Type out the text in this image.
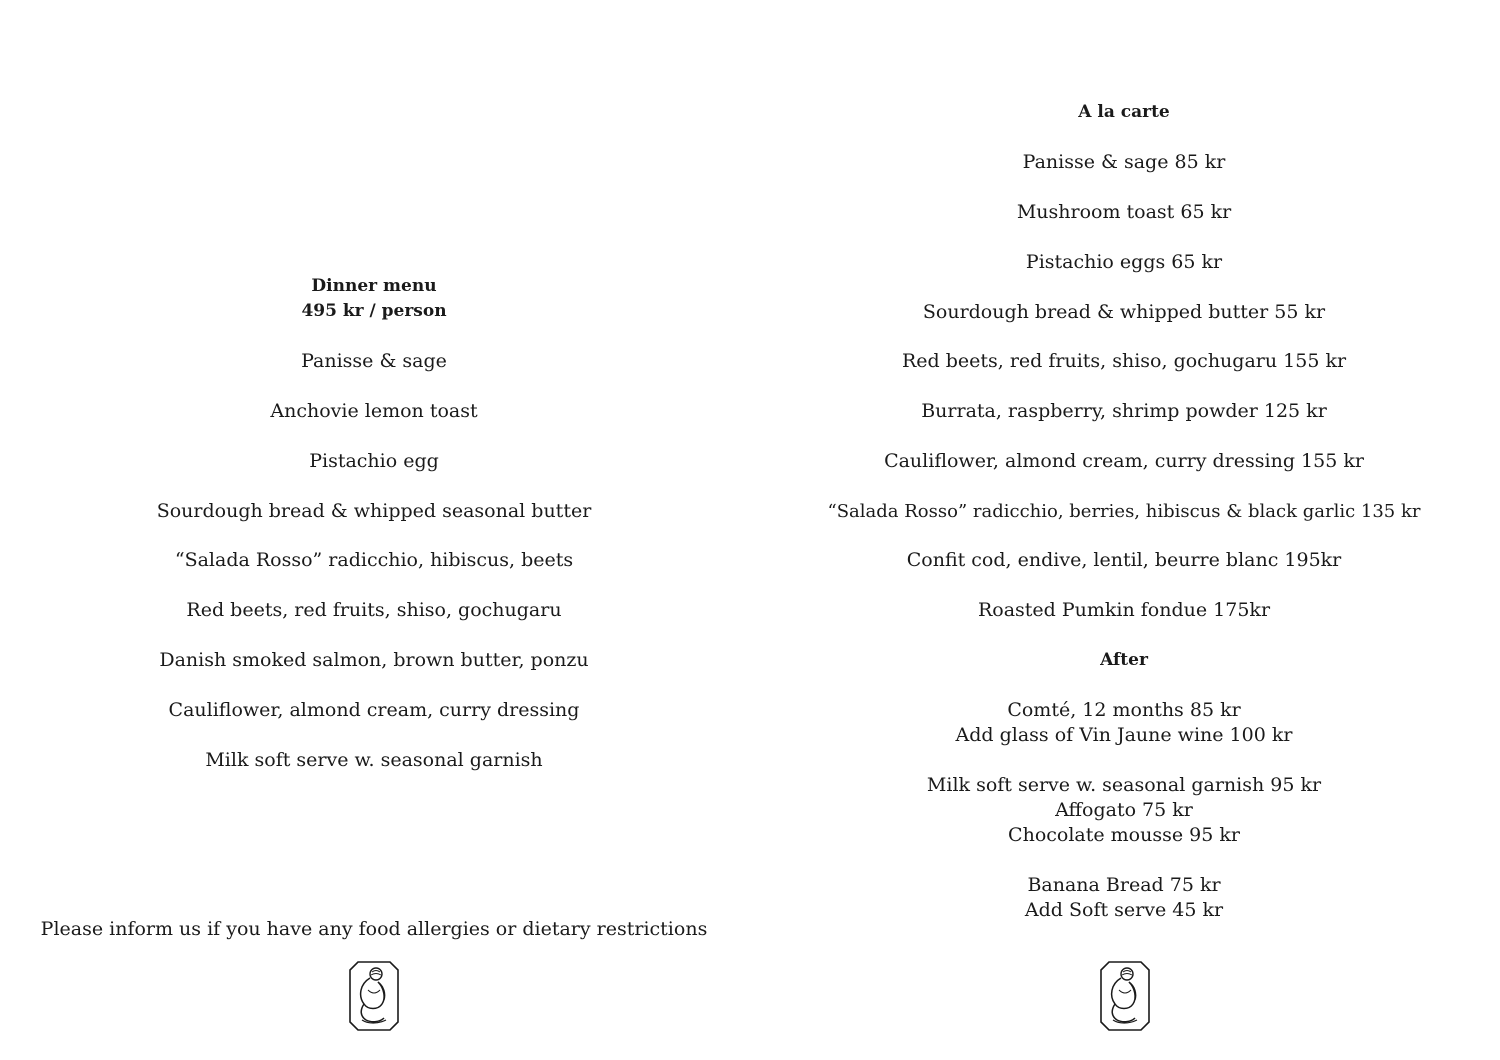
Dinner menu
495 kr / person
Panisse & sage
Anchovie lemon toast
Pistachio egg
Sourdough bread & whipped seasonal butter
“Salada Rosso” radicchio, hibiscus, beets
Red beets, red fruits, shiso, gochugaru
Danish smoked salmon, brown butter, ponzu
Cauliflower, almond cream, curry dressing
Milk soft serve w. seasonal garnish
Please inform us if you have any food allergies or dietary restrictions
A la carte
Panisse & sage 85 kr
Mushroom toast 65 kr
Pistachio eggs 65 kr
Sourdough bread & whipped butter 55 kr
Red beets, red fruits, shiso, gochugaru 155 kr
Burrata, raspberry, shrimp powder 125 kr
Cauliflower, almond cream, curry dressing 155 kr
“Salada Rosso” radicchio, berries, hibiscus & black garlic 135 kr
Confit cod, endive, lentil, beurre blanc 195kr
Roasted Pumkin fondue 175kr
After
Comté, 12 months 85 kr
Add glass of Vin Jaune wine 100 kr
Milk soft serve w. seasonal garnish 95 kr
Affogato 75 kr
Chocolate mousse 95 kr
Banana Bread 75 kr
Add Soft serve 45 kr
